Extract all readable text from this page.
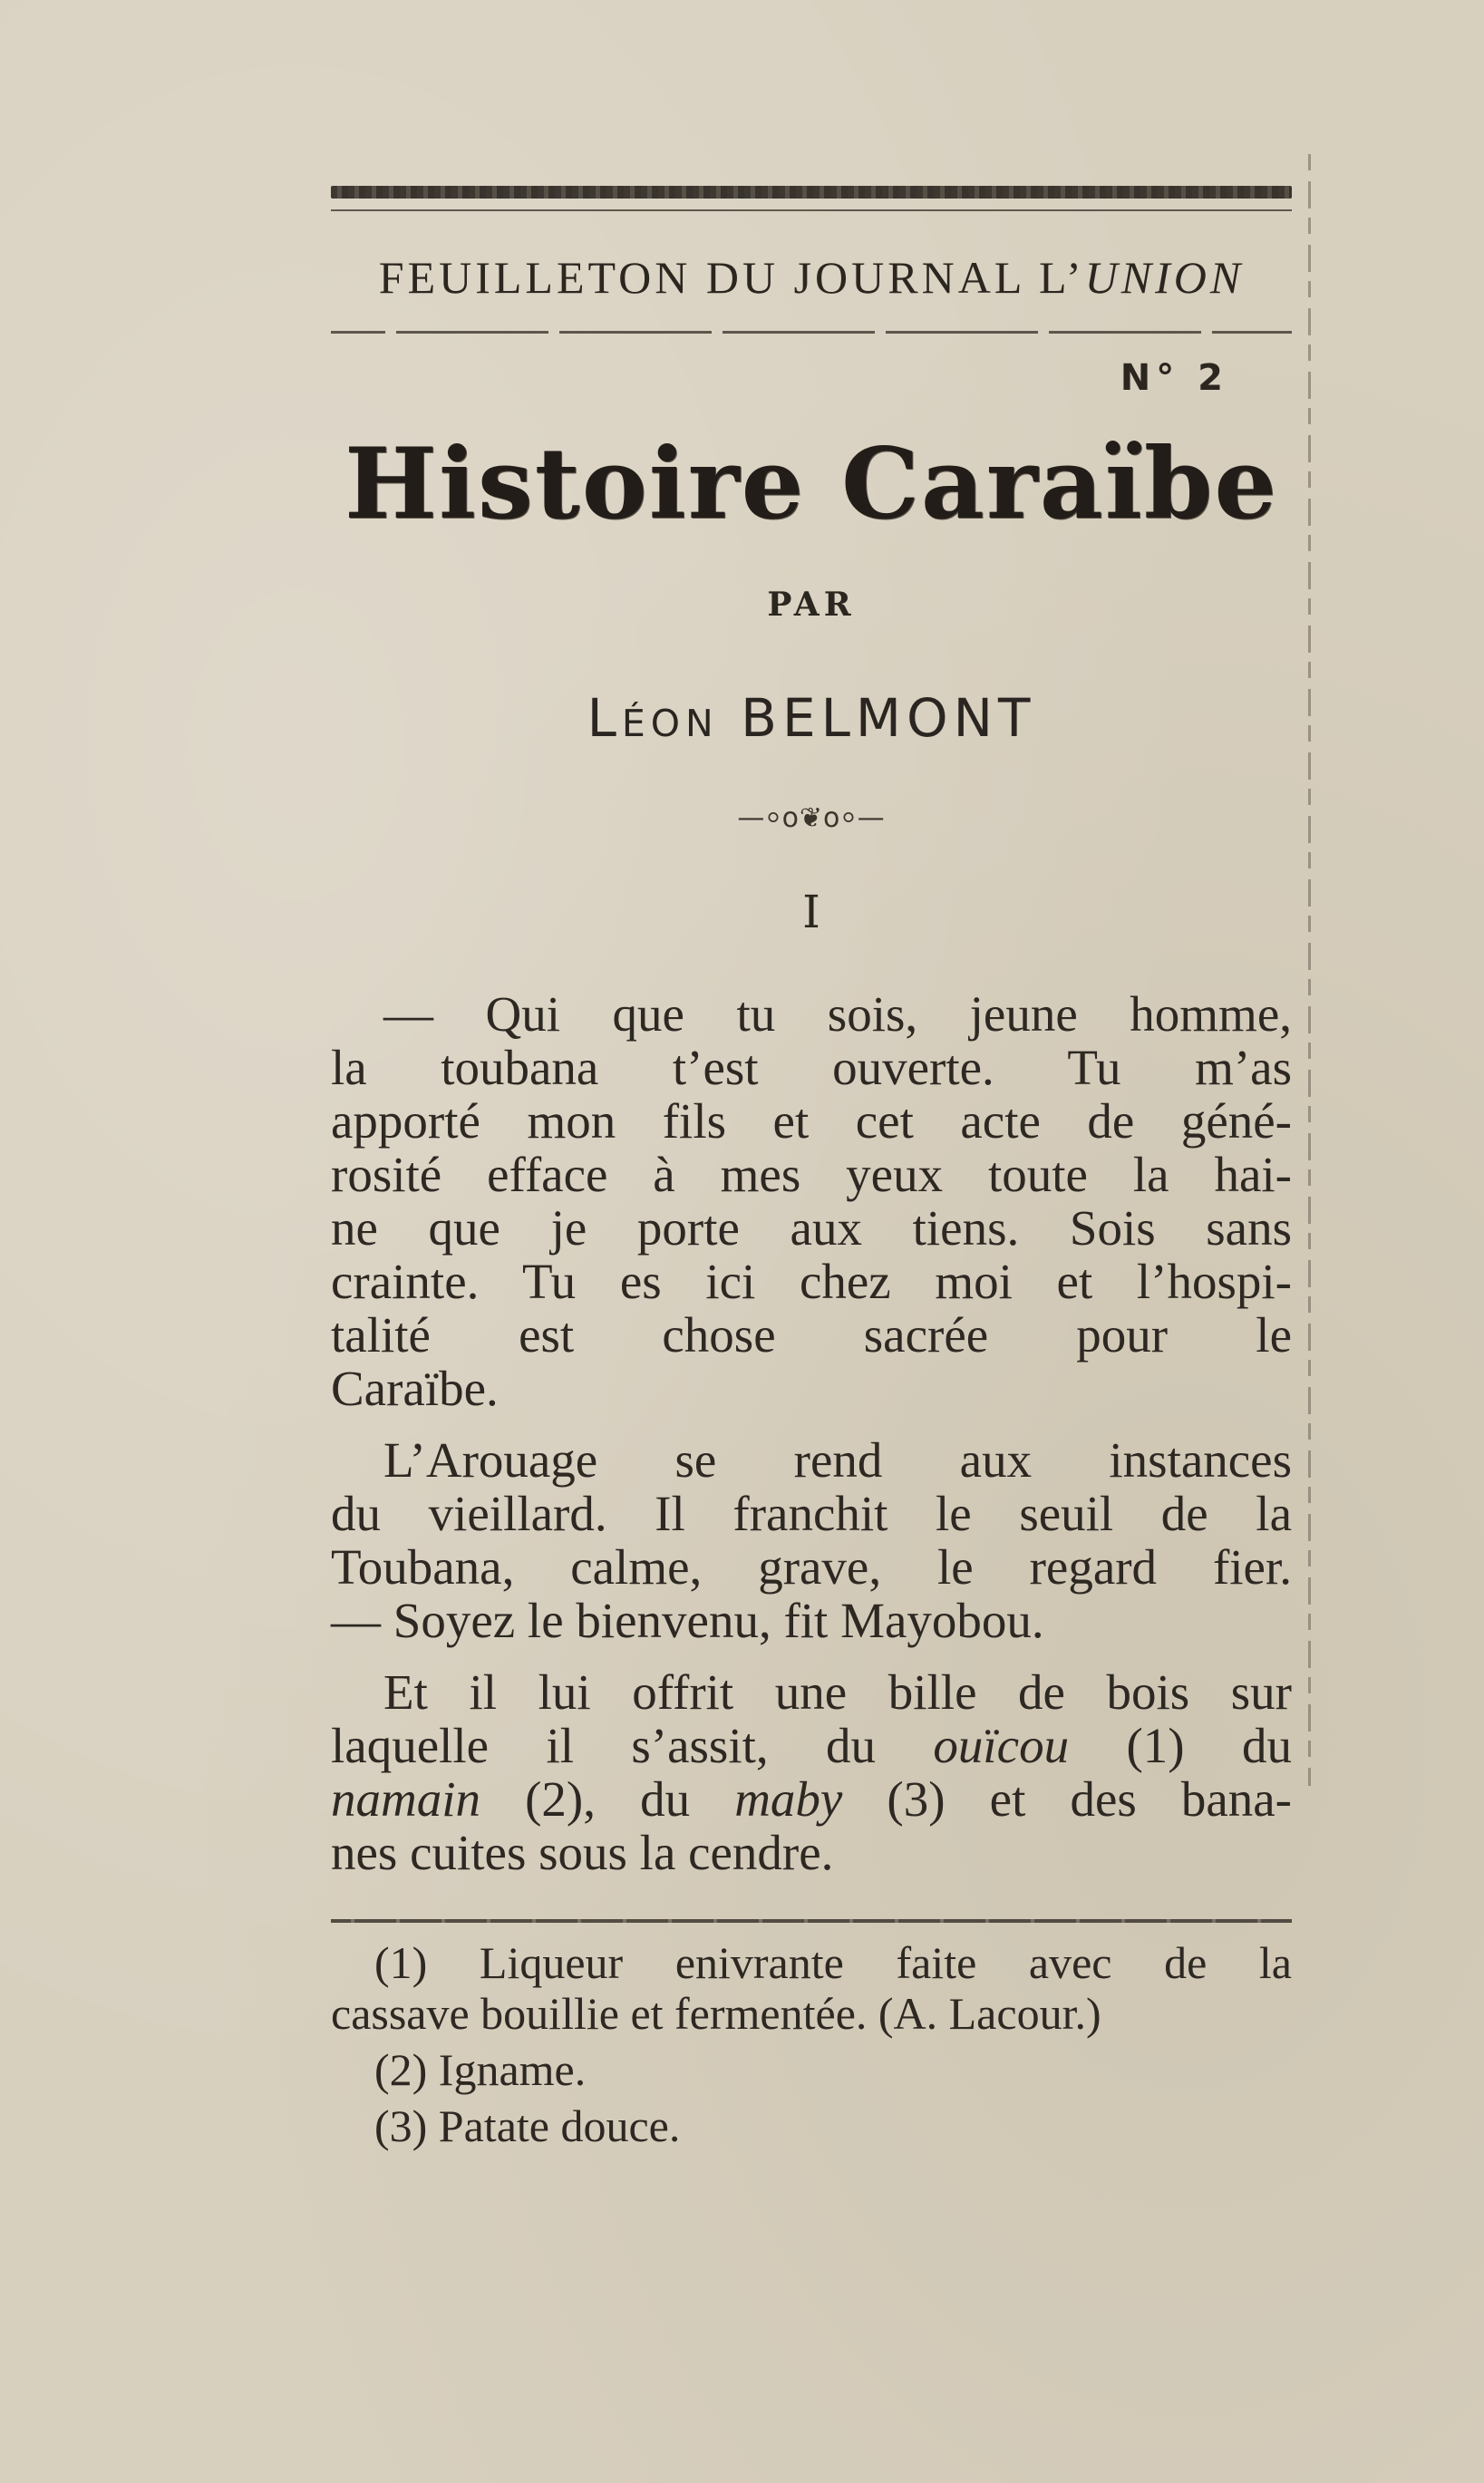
FEUILLETON DU JOURNAL L’UNION
N° 2
Histoire Caraïbe
PAR
Léon BELMONT
—⸰o❦o⸰—
I

— Qui que tu sois, jeune homme,
la toubana t’est ouverte. Tu m’as
apporté mon fils et cet acte de géné-
rosité efface à mes yeux toute la hai-
ne que je porte aux tiens. Sois sans
crainte. Tu es ici chez moi et l’hospi-
talité est chose sacrée pour le
Caraïbe.

L’Arouage se rend aux instances
du vieillard. Il franchit le seuil de la
Toubana, calme, grave, le regard fier.
— Soyez le bienvenu, fit Mayobou.

Et il lui offrit une bille de bois sur
laquelle il s’assit, du ouïcou (1) du
namain (2), du maby (3) et des bana-
nes cuites sous la cendre.

(1) Liqueur enivrante faite avec de la
cassave bouillie et fermentée. (A. Lacour.)
(2) Igname.
(3) Patate douce.
